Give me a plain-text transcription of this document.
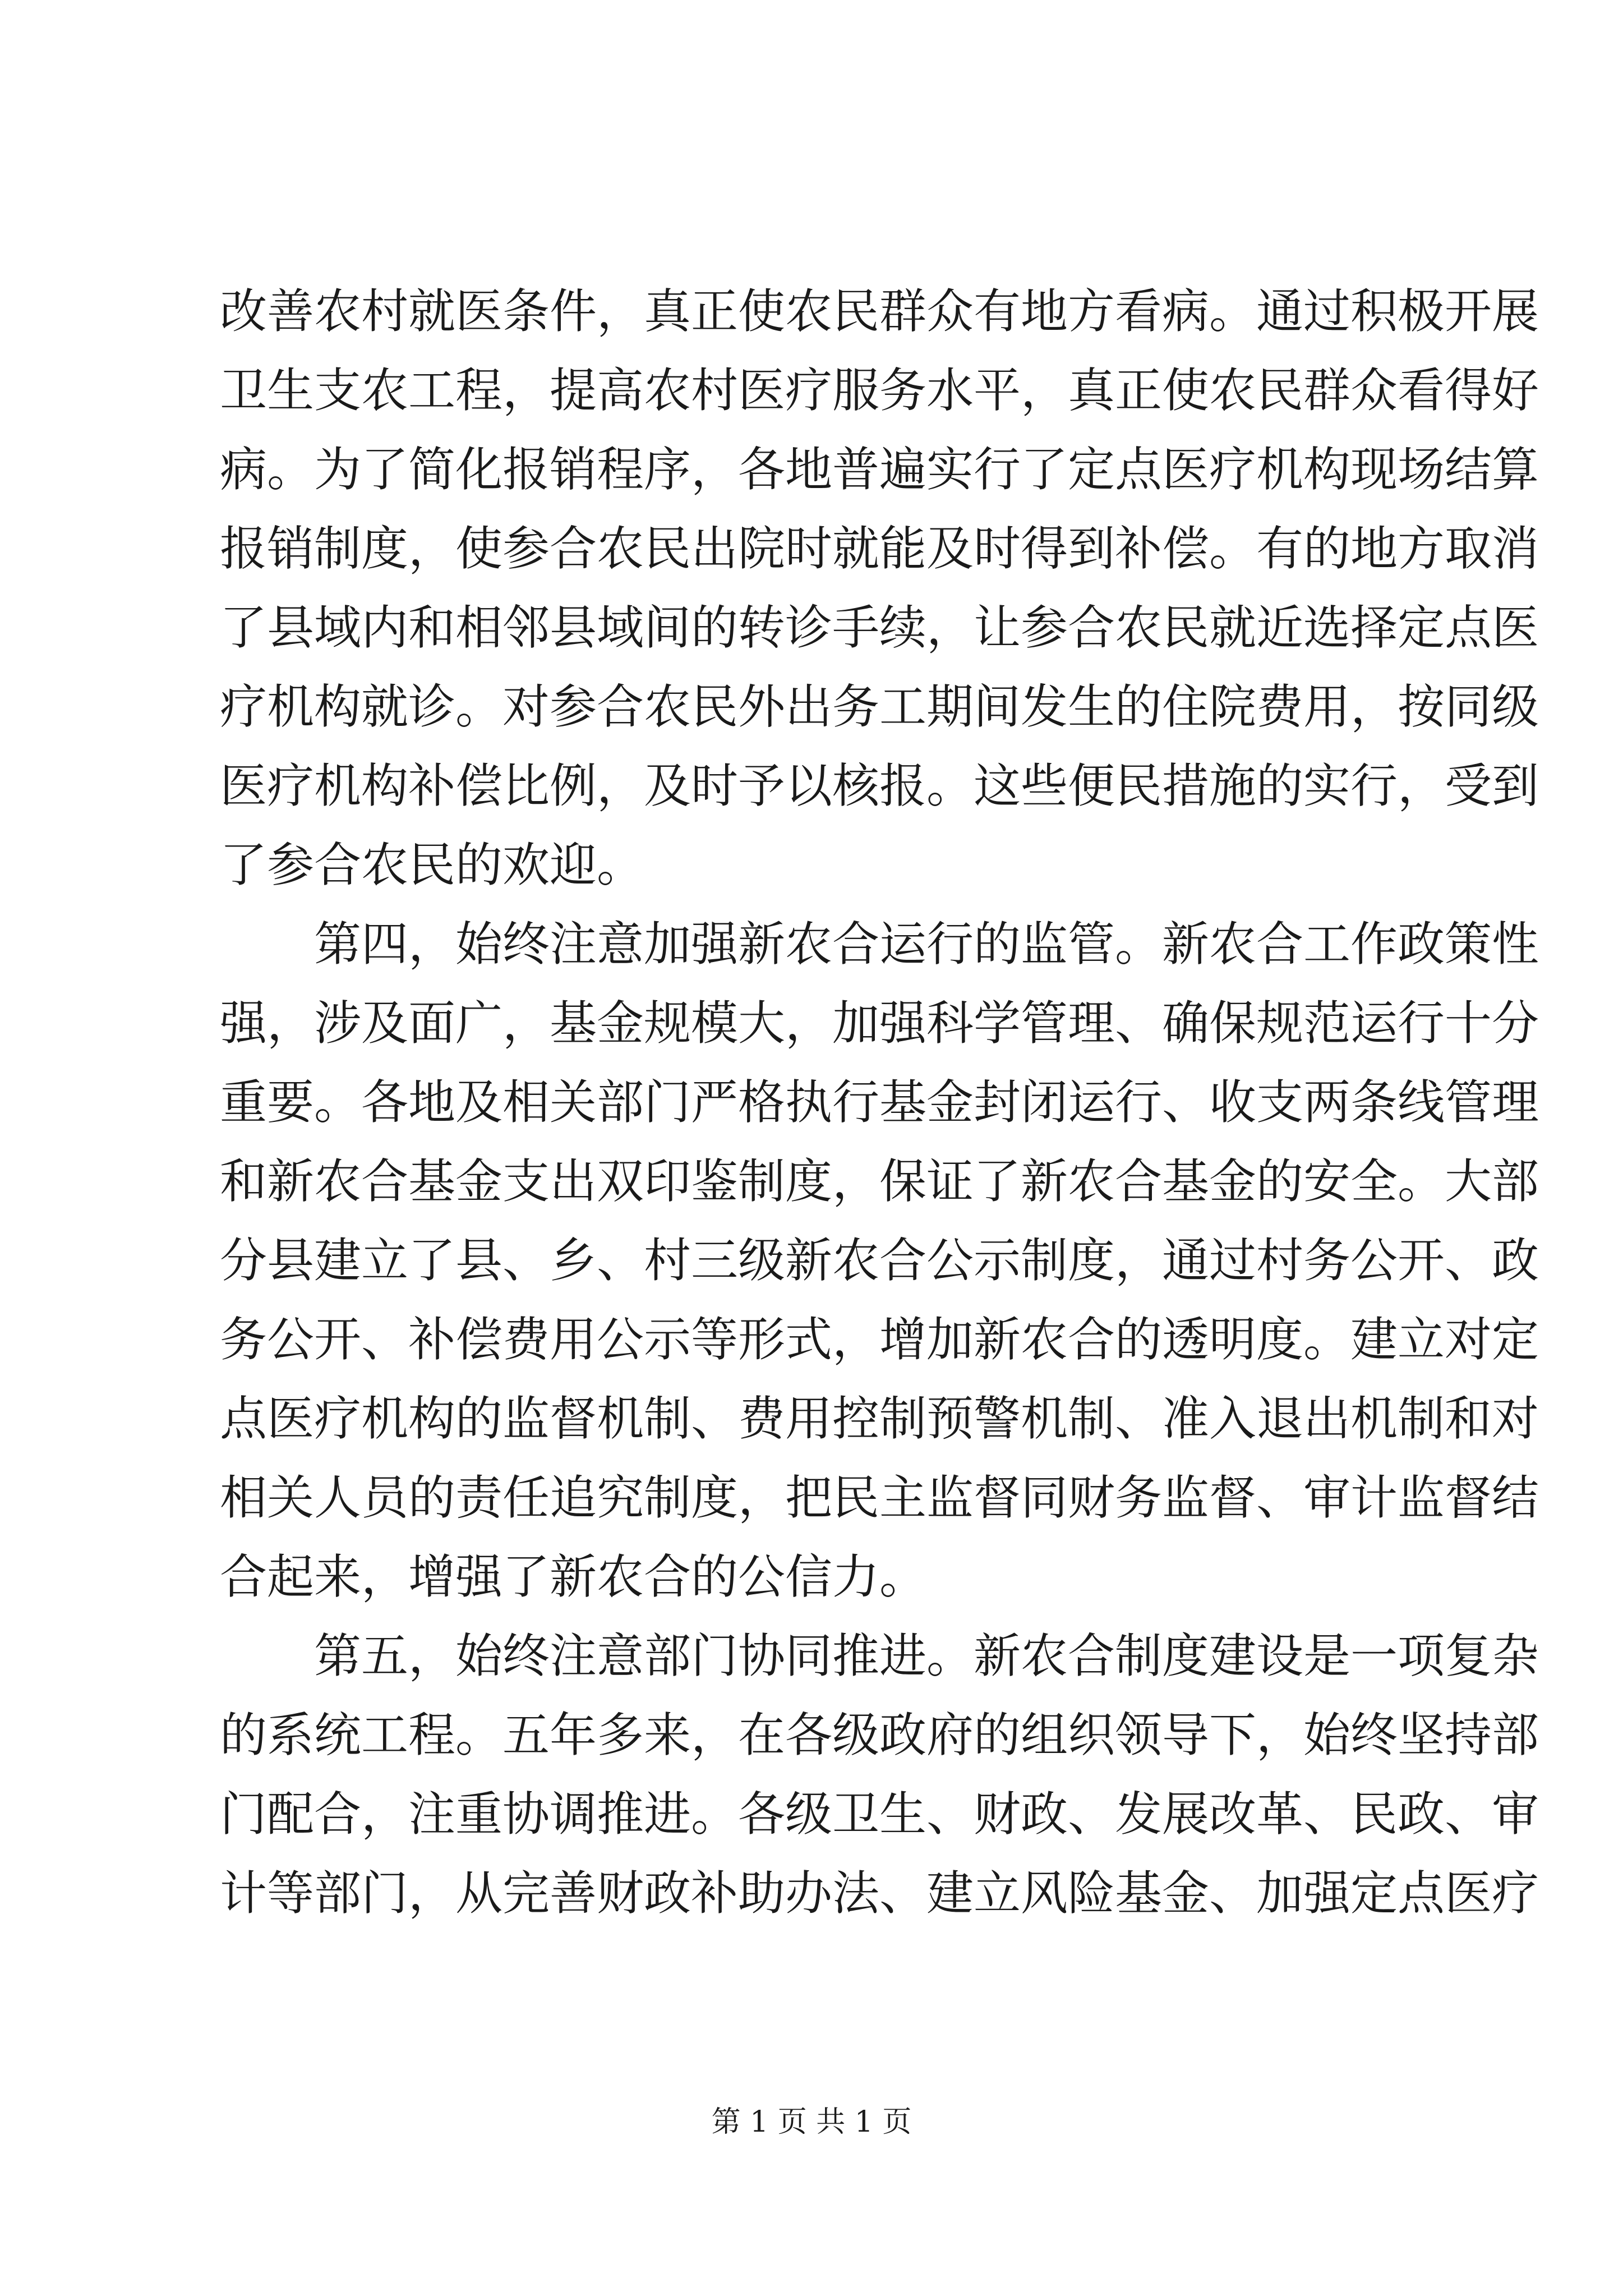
改善农村就医条件，真正使农民群众有地方看病。通过积极开展
卫生支农工程，提高农村医疗服务水平，真正使农民群众看得好
病。为了简化报销程序，各地普遍实行了定点医疗机构现场结算
报销制度，使参合农民出院时就能及时得到补偿。有的地方取消
了县域内和相邻县域间的转诊手续，让参合农民就近选择定点医
疗机构就诊。对参合农民外出务工期间发生的住院费用，按同级
医疗机构补偿比例，及时予以核报。这些便民措施的实行，受到
了参合农民的欢迎。
第四，始终注意加强新农合运行的监管。新农合工作政策性
强，涉及面广，基金规模大，加强科学管理、确保规范运行十分
重要。各地及相关部门严格执行基金封闭运行、收支两条线管理
和新农合基金支出双印鉴制度，保证了新农合基金的安全。大部
分县建立了县、乡、村三级新农合公示制度，通过村务公开、政
务公开、补偿费用公示等形式，增加新农合的透明度。建立对定
点医疗机构的监督机制、费用控制预警机制、准入退出机制和对
相关人员的责任追究制度，把民主监督同财务监督、审计监督结
合起来，增强了新农合的公信力。
第五，始终注意部门协同推进。新农合制度建设是一项复杂
的系统工程。五年多来，在各级政府的组织领导下，始终坚持部
门配合，注重协调推进。各级卫生、财政、发展改革、民政、审
计等部门，从完善财政补助办法、建立风险基金、加强定点医疗
第 1 页 共 1 页
